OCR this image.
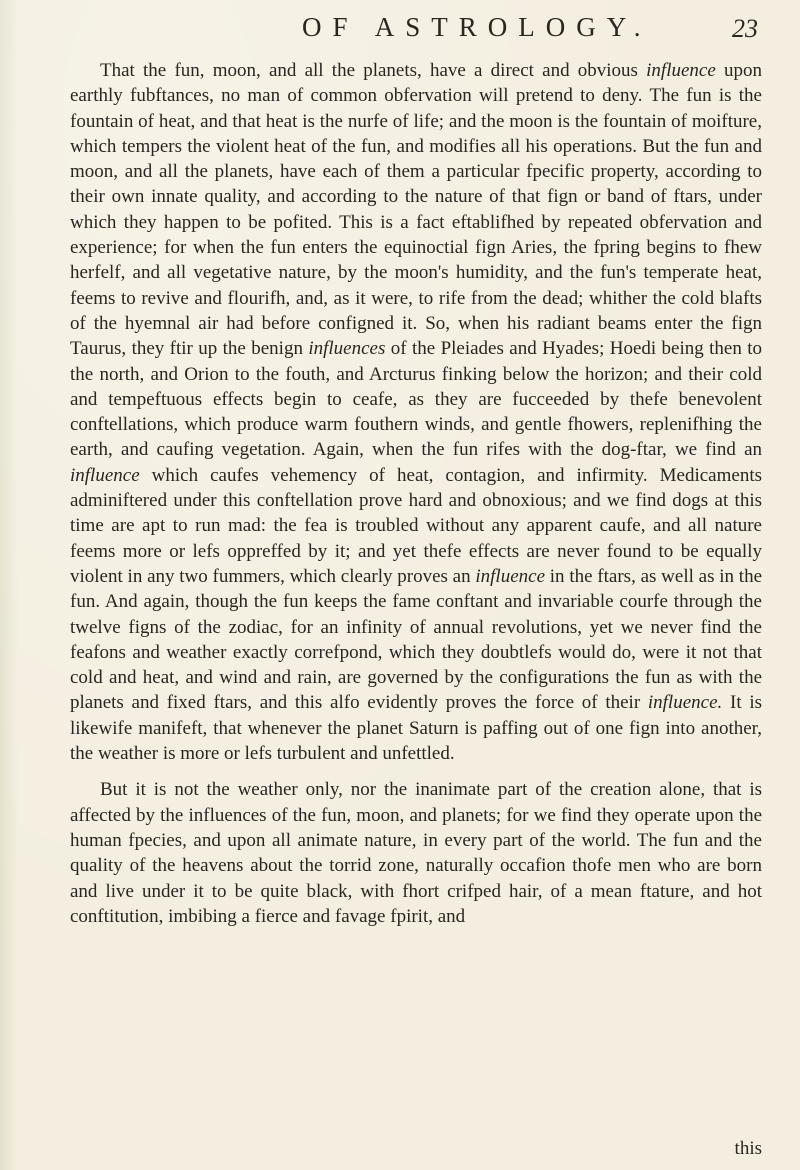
OF ASTROLOGY.	23

That the fun, moon, and all the planets, have a direct and obvious influence upon earthly fubftances, no man of common obfervation will pretend to deny. The fun is the fountain of heat, and that heat is the nurfe of life; and the moon is the fountain of moifture, which tempers the violent heat of the fun, and modifies all his operations. But the fun and moon, and all the planets, have each of them a particular fpecific property, according to their own innate quality, and according to the nature of that fign or band of ftars, under which they happen to be pofited. This is a fact eftablifhed by repeated obfervation and experience; for when the fun enters the equinoctial fign Aries, the fpring begins to fhew herfelf, and all vegetative nature, by the moon's humidity, and the fun's temperate heat, feems to revive and flourifh, and, as it were, to rife from the dead; whither the cold blafts of the hyemnal air had before configned it. So, when his radiant beams enter the fign Taurus, they ftir up the benign influences of the Pleiades and Hyades; Hoedi being then to the north, and Orion to the fouth, and Arcturus finking below the horizon; and their cold and tempeftuous effects begin to ceafe, as they are fucceeded by thefe benevolent conftellations, which produce warm fouthern winds, and gentle fhowers, replenifhing the earth, and caufing vegetation. Again, when the fun rifes with the dog-ftar, we find an influence which caufes vehemency of heat, contagion, and infirmity. Medicaments adminiftered under this conftellation prove hard and obnoxious; and we find dogs at this time are apt to run mad: the fea is troubled without any apparent caufe, and all nature feems more or lefs oppreffed by it; and yet thefe effects are never found to be equally violent in any two fummers, which clearly proves an influence in the ftars, as well as in the fun. And again, though the fun keeps the fame conftant and invariable courfe through the twelve figns of the zodiac, for an infinity of annual revolutions, yet we never find the feafons and weather exactly correfpond, which they doubtlefs would do, were it not that cold and heat, and wind and rain, are governed by the configurations the fun as with the planets and fixed ftars, and this alfo evidently proves the force of their influence. It is likewife manifeft, that whenever the planet Saturn is paffing out of one fign into another, the weather is more or lefs turbulent and unfettled.

But it is not the weather only, nor the inanimate part of the creation alone, that is affected by the influences of the fun, moon, and planets; for we find they operate upon the human fpecies, and upon all animate nature, in every part of the world. The fun and the quality of the heavens about the torrid zone, naturally occafion thofe men who are born and live under it to be quite black, with fhort crifped hair, of a mean ftature, and hot conftitution, imbibing a fierce and favage fpirit, and

this
